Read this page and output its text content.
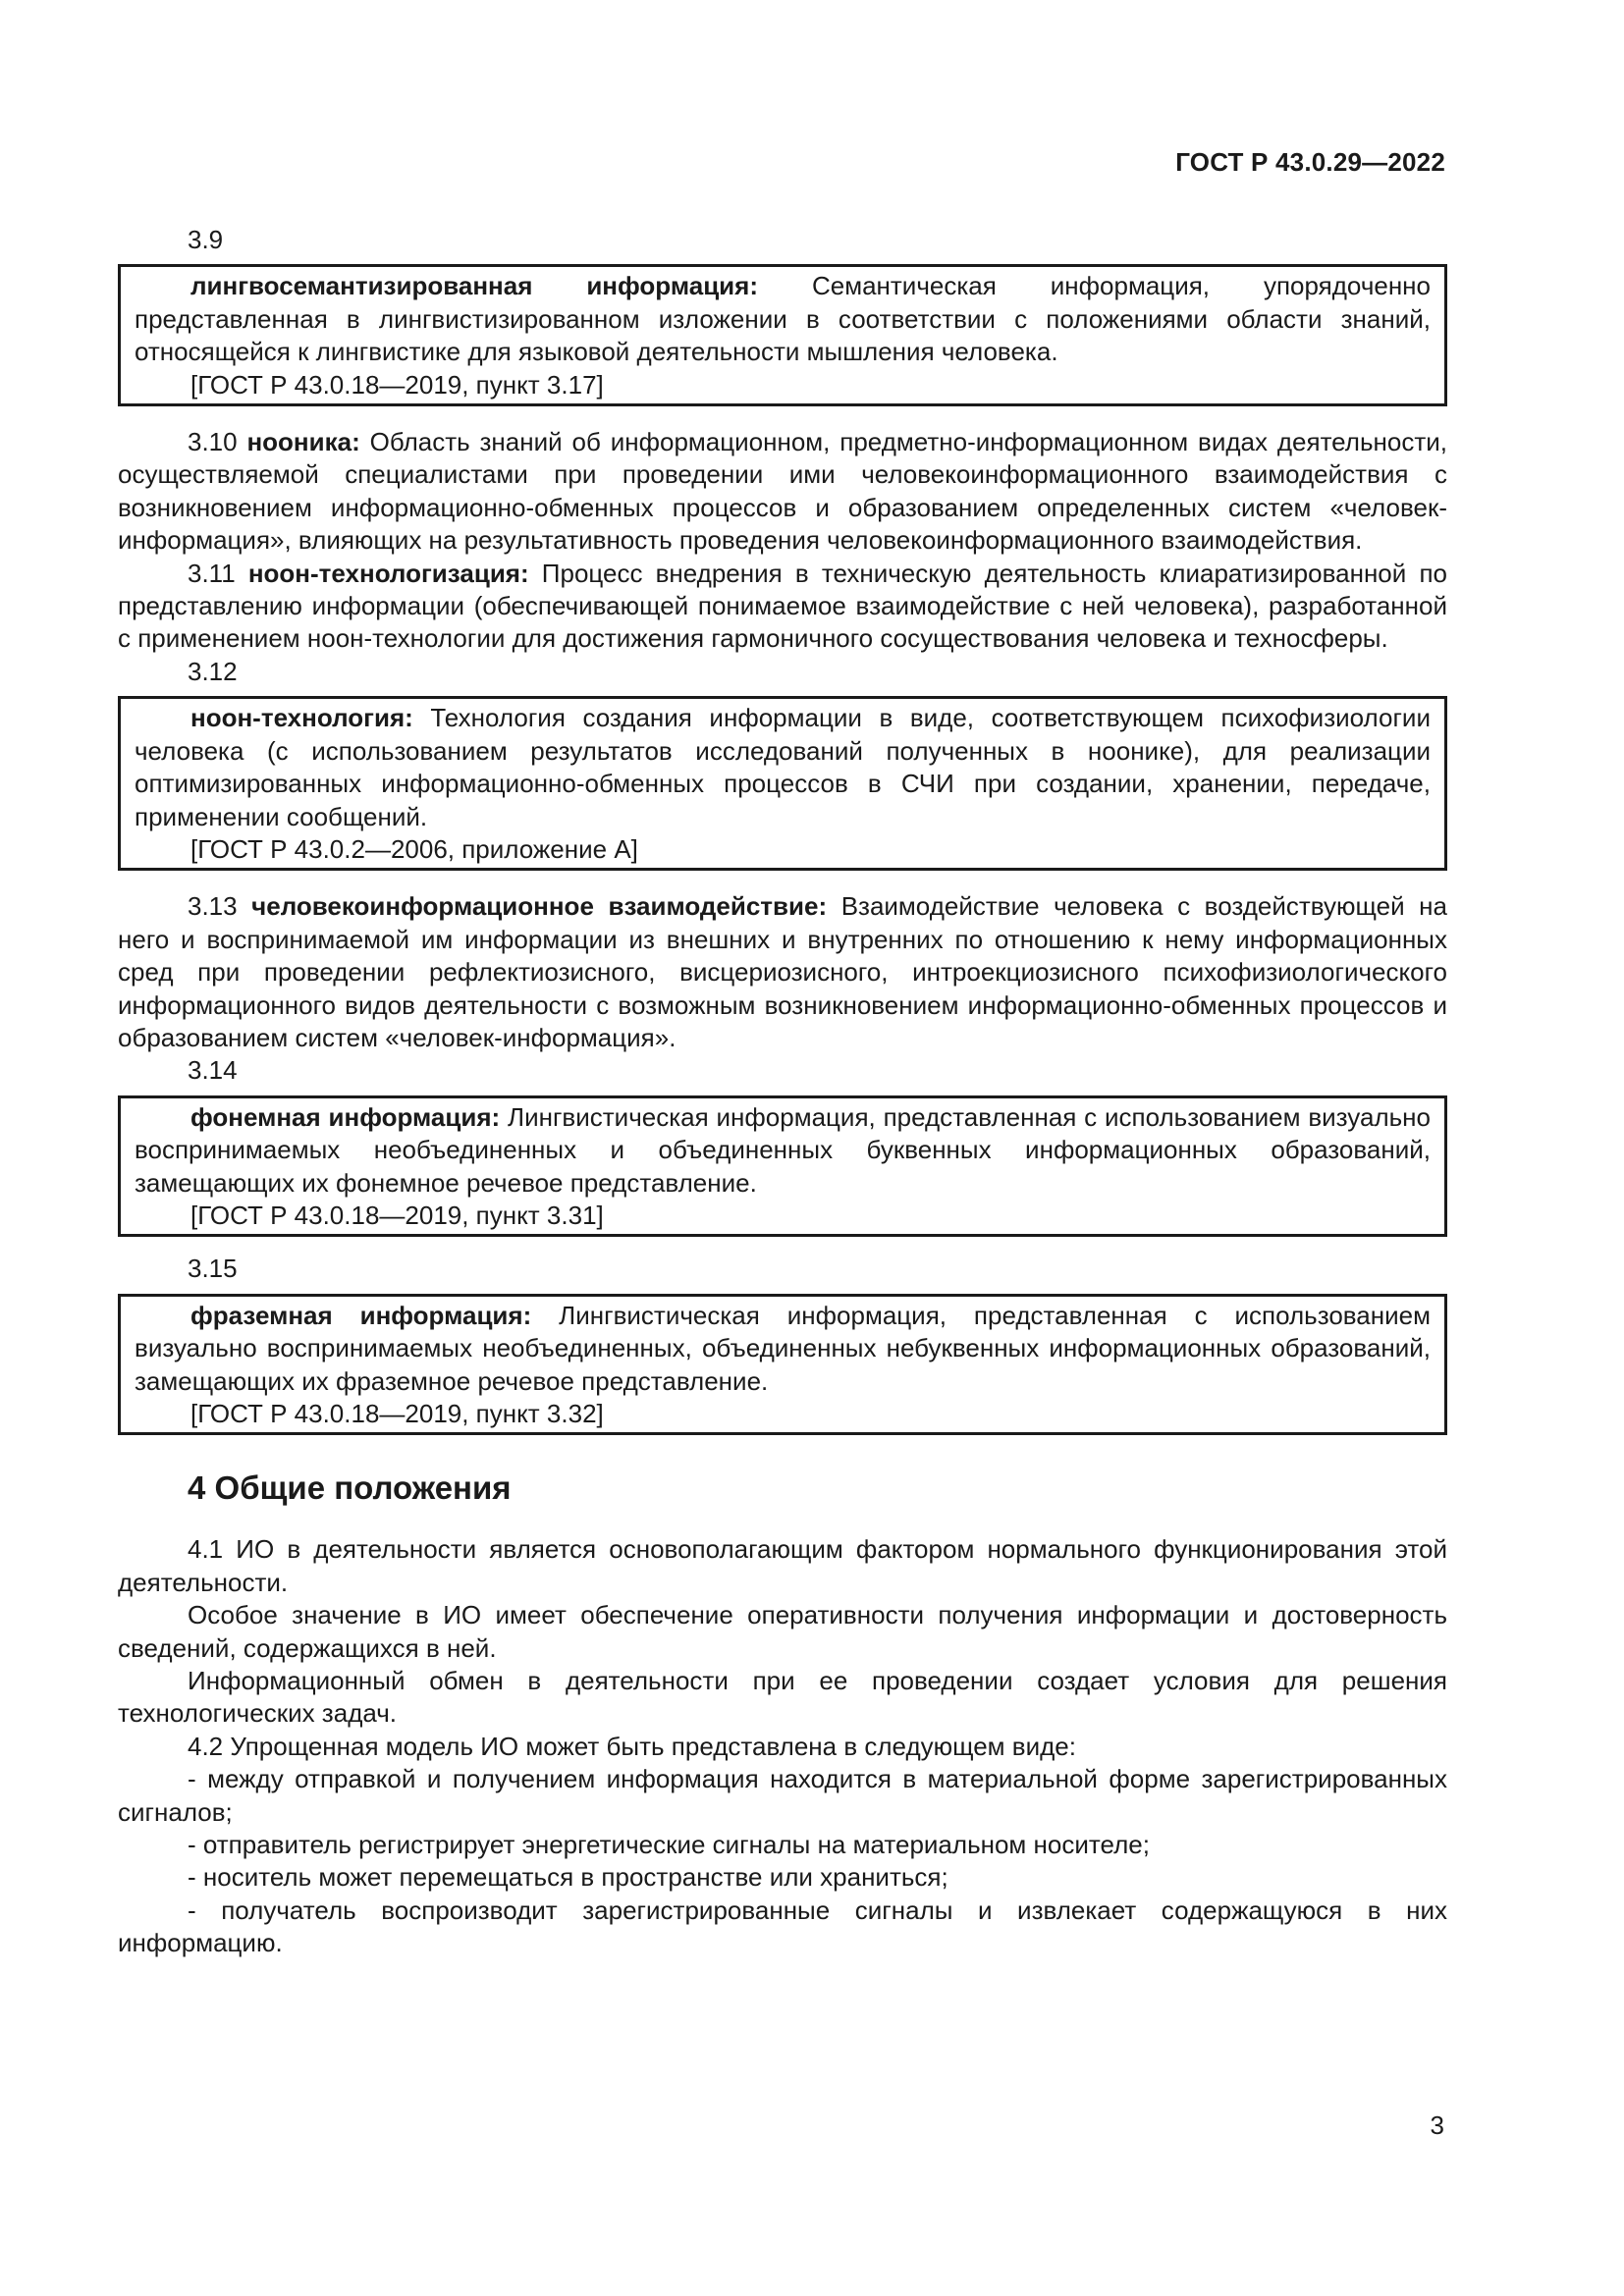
ГОСТ Р 43.0.29—2022

3.9

лингвосемантизированная информация: Семантическая информация, упорядоченно представленная в лингвистизированном изложении в соответствии с положениями области знаний, относящейся к лингвистике для языковой деятельности мышления человека.

[ГОСТ Р 43.0.18—2019, пункт 3.17]

3.10 нооника: Область знаний об информационном, предметно-информационном видах деятельности, осуществляемой специалистами при проведении ими человекоинформационного взаимодействия с возникновением информационно-обменных процессов и образованием определенных систем «человек-информация», влияющих на результативность проведения человекоинформационного взаимодействия.

3.11 ноон-технологизация: Процесс внедрения в техническую деятельность клиаратизированной по представлению информации (обеспечивающей понимаемое взаимодействие с ней человека), разработанной с применением ноон-технологии для достижения гармоничного сосуществования человека и техносферы.

3.12

ноон-технология: Технология создания информации в виде, соответствующем психофизиологии человека (с использованием результатов исследований полученных в ноонике), для реализации оптимизированных информационно-обменных процессов в СЧИ при создании, хранении, передаче, применении сообщений.

[ГОСТ Р 43.0.2—2006, приложение А]

3.13 человекоинформационное взаимодействие: Взаимодействие человека с воздействующей на него и воспринимаемой им информации из внешних и внутренних по отношению к нему информационных сред при проведении рефлектиозисного, висцериозисного, интроекциозисного психофизиологического информационного видов деятельности с возможным возникновением информационно-обменных процессов и образованием систем «человек-информация».

3.14

фонемная информация: Лингвистическая информация, представленная с использованием визуально воспринимаемых необъединенных и объединенных буквенных информационных образований, замещающих их фонемное речевое представление.

[ГОСТ Р 43.0.18—2019, пункт 3.31]

3.15

фраземная информация: Лингвистическая информация, представленная с использованием визуально воспринимаемых необъединенных, объединенных небуквенных информационных образований, замещающих их фраземное речевое представление.

[ГОСТ Р 43.0.18—2019, пункт 3.32]

4 Общие положения

4.1 ИО в деятельности является основополагающим фактором нормального функционирования этой деятельности.

Особое значение в ИО имеет обеспечение оперативности получения информации и достоверность сведений, содержащихся в ней.

Информационный обмен в деятельности при ее проведении создает условия для решения технологических задач.

4.2 Упрощенная модель ИО может быть представлена в следующем виде:

- между отправкой и получением информация находится в материальной форме зарегистрированных сигналов;

- отправитель регистрирует энергетические сигналы на материальном носителе;

- носитель может перемещаться в пространстве или храниться;

- получатель воспроизводит зарегистрированные сигналы и извлекает содержащуюся в них информацию.

3
